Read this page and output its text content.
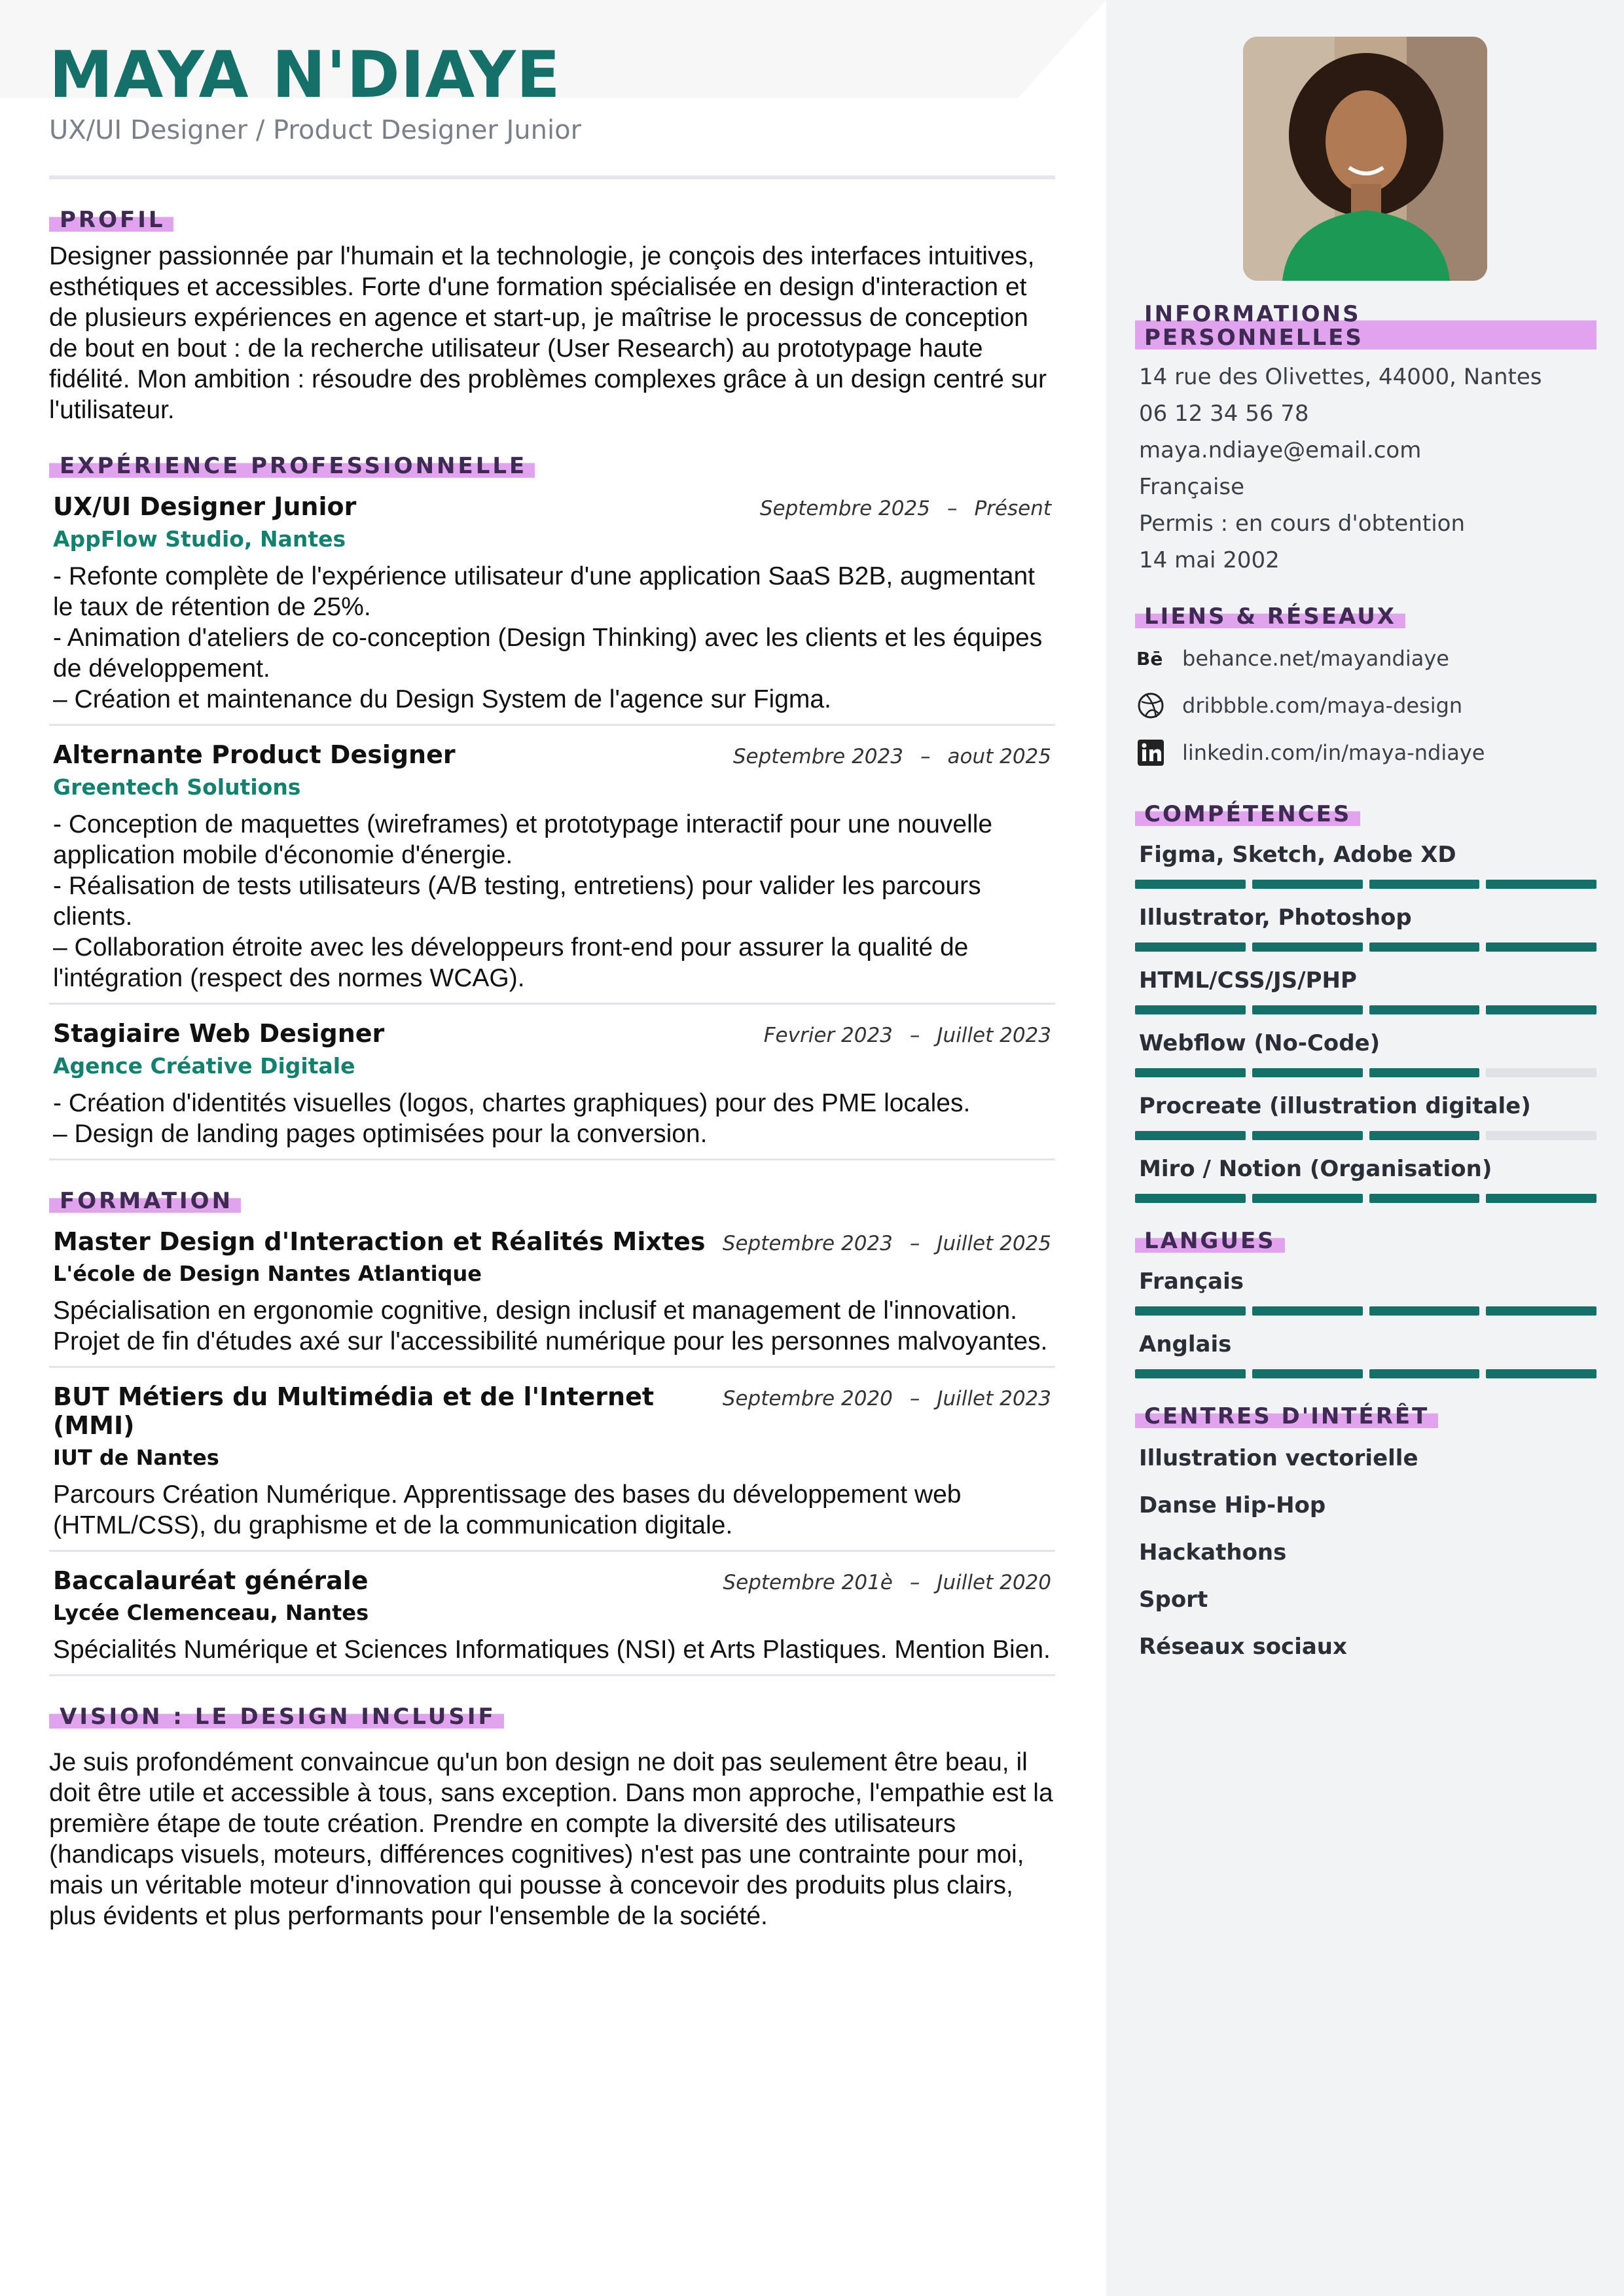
MAYA N'DIAYE
UX/UI Designer / Product Designer Junior
PROFIL
Designer passionnée par l'humain et la technologie, je conçois des interfaces intuitives, esthétiques et accessibles. Forte d'une formation spécialisée en design d'interaction et de plusieurs expériences en agence et start-up, je maîtrise le processus de conception de bout en bout : de la recherche utilisateur (User Research) au prototypage haute fidélité. Mon ambition : résoudre des problèmes complexes grâce à un design centré sur l'utilisateur.
EXPÉRIENCE PROFESSIONNELLE
UX/UI Designer Junior	Septembre 2025 – Présent
AppFlow Studio, Nantes
- Refonte complète de l'expérience utilisateur d'une application SaaS B2B, augmentant le taux de rétention de 25%.
- Animation d'ateliers de co-conception (Design Thinking) avec les clients et les équipes de développement.
– Création et maintenance du Design System de l'agence sur Figma.
Alternante Product Designer	Septembre 2023 – aout 2025
Greentech Solutions
- Conception de maquettes (wireframes) et prototypage interactif pour une nouvelle application mobile d'économie d'énergie.
- Réalisation de tests utilisateurs (A/B testing, entretiens) pour valider les parcours clients.
– Collaboration étroite avec les développeurs front-end pour assurer la qualité de l'intégration (respect des normes WCAG).
Stagiaire Web Designer	Fevrier 2023 – Juillet 2023
Agence Créative Digitale
- Création d'identités visuelles (logos, chartes graphiques) pour des PME locales.
– Design de landing pages optimisées pour la conversion.
FORMATION
Master Design d'Interaction et Réalités Mixtes Septembre 2023 – Juillet 2025
L'école de Design Nantes Atlantique
Spécialisation en ergonomie cognitive, design inclusif et management de l'innovation. Projet de fin d'études axé sur l'accessibilité numérique pour les personnes malvoyantes.
BUT Métiers du Multimédia et de l'Internet (MMI)
Septembre 2020 – Juillet 2023
IUT de Nantes
Parcours Création Numérique. Apprentissage des bases du développement web (HTML/CSS), du graphisme et de la communication digitale.
Baccalauréat générale	Septembre 201è – Juillet 2020
Lycée Clemenceau, Nantes
Spécialités Numérique et Sciences Informatiques (NSI) et Arts Plastiques. Mention Bien.
VISION : LE DESIGN INCLUSIF
Je suis profondément convaincue qu'un bon design ne doit pas seulement être beau, il doit être utile et accessible à tous, sans exception. Dans mon approche, l'empathie est la première étape de toute création. Prendre en compte la diversité des utilisateurs (handicaps visuels, moteurs, différences cognitives) n'est pas une contrainte pour moi, mais un véritable moteur d'innovation qui pousse à concevoir des produits plus clairs, plus évidents et plus performants pour l'ensemble de la société.
INFORMATIONS PERSONNELLES
14 rue des Olivettes, 44000, Nantes
06 12 34 56 78
maya.ndiaye@email.com
Française
Permis : en cours d'obtention
14 mai 2002
LIENS & RÉSEAUX
Bē behance.net/mayandiaye
dribbble.com/maya-design
linkedin.com/in/maya-ndiaye
COMPÉTENCES
Figma, Sketch, Adobe XD
Illustrator, Photoshop
HTML/CSS/JS/PHP
Webflow (No-Code)
Procreate (illustration digitale)
Miro / Notion (Organisation)
LANGUES
Français
Anglais
CENTRES D'INTÉRÊT
Illustration vectorielle
Danse Hip-Hop
Hackathons
Sport
Réseaux sociaux
